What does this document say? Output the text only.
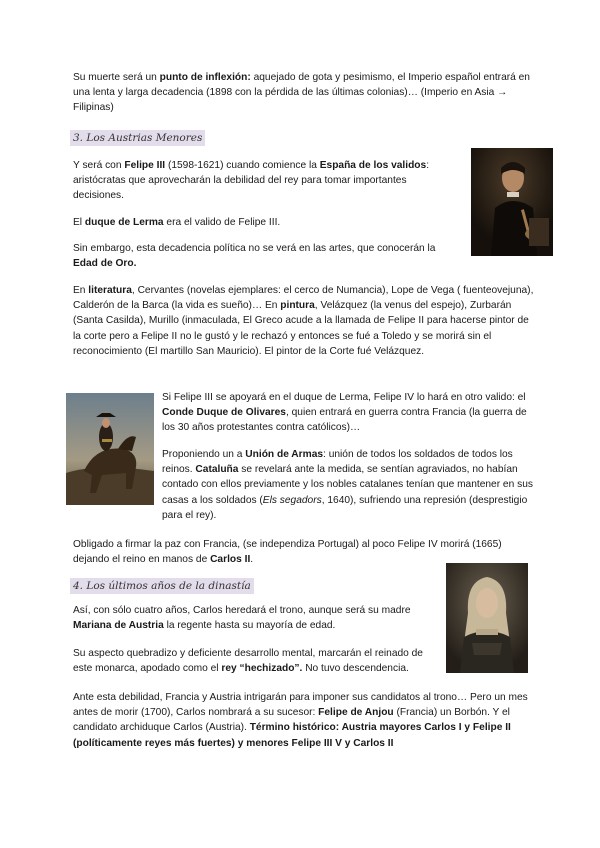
Su muerte será un punto de inflexión: aquejado de gota y pesimismo, el Imperio español entrará en una lenta y larga decadencia (1898 con la pérdida de las últimas colonias)… (Imperio en Asia → Filipinas)

3. Los Austrias Menores

Y será con Felipe III (1598-1621) cuando comience la España de los validos: aristócratas que aprovecharán la debilidad del rey para tomar importantes decisiones.

El duque de Lerma era el valido de Felipe III.

Sin embargo, esta decadencia política no se verá en las artes, que conocerán la Edad de Oro.

En literatura, Cervantes (novelas ejemplares: el cerco de Numancia), Lope de Vega ( fuenteovejuna), Calderón de la Barca (la vida es sueño)… En pintura, Velázquez (la venus del espejo), Zurbarán (Santa Casilda), Murillo (inmaculada, El Greco acude a la llamada de Felipe II para hacerse pintor de la corte pero a Felipe II no le gustó y le rechazó y entonces se fué a Toledo y se morirá sin el reconocimiento (El martillo San Mauricio). El pintor de la Corte fué Velázquez.

Si Felipe III se apoyará en el duque de Lerma, Felipe IV lo hará en otro valido: el Conde Duque de Olivares, quien entrará en guerra contra Francia (la guerra de los 30 años protestantes contra católicos)…

Proponiendo un a Unión de Armas: unión de todos los soldados de todos los reinos. Cataluña se revelará ante la medida, se sentían agraviados, no habían contado con ellos previamente y los nobles catalanes tenían que mantener en sus casas a los soldados (Els segadors, 1640), sufriendo una represión (desprestigio para el rey).

Obligado a firmar la paz con Francia, (se independiza Portugal) al poco Felipe IV morirá (1665) dejando el reino en manos de Carlos II.

4. Los últimos años de la dinastía

Así, con sólo cuatro años, Carlos heredará el trono, aunque será su madre Mariana de Austria la regente hasta su mayoría de edad.

Su aspecto quebradizo y deficiente desarrollo mental, marcarán el reinado de este monarca, apodado como el rey “hechizado”. No tuvo descendencia.

Ante esta debilidad, Francia y Austria intrigarán para imponer sus candidatos al trono… Pero un mes antes de morir (1700), Carlos nombrará a su sucesor: Felipe de Anjou (Francia) un Borbón. Y el candidato archiduque Carlos (Austria). Término histórico: Austria mayores Carlos I y Felipe II (políticamente reyes más fuertes) y menores Felipe III V y Carlos II
